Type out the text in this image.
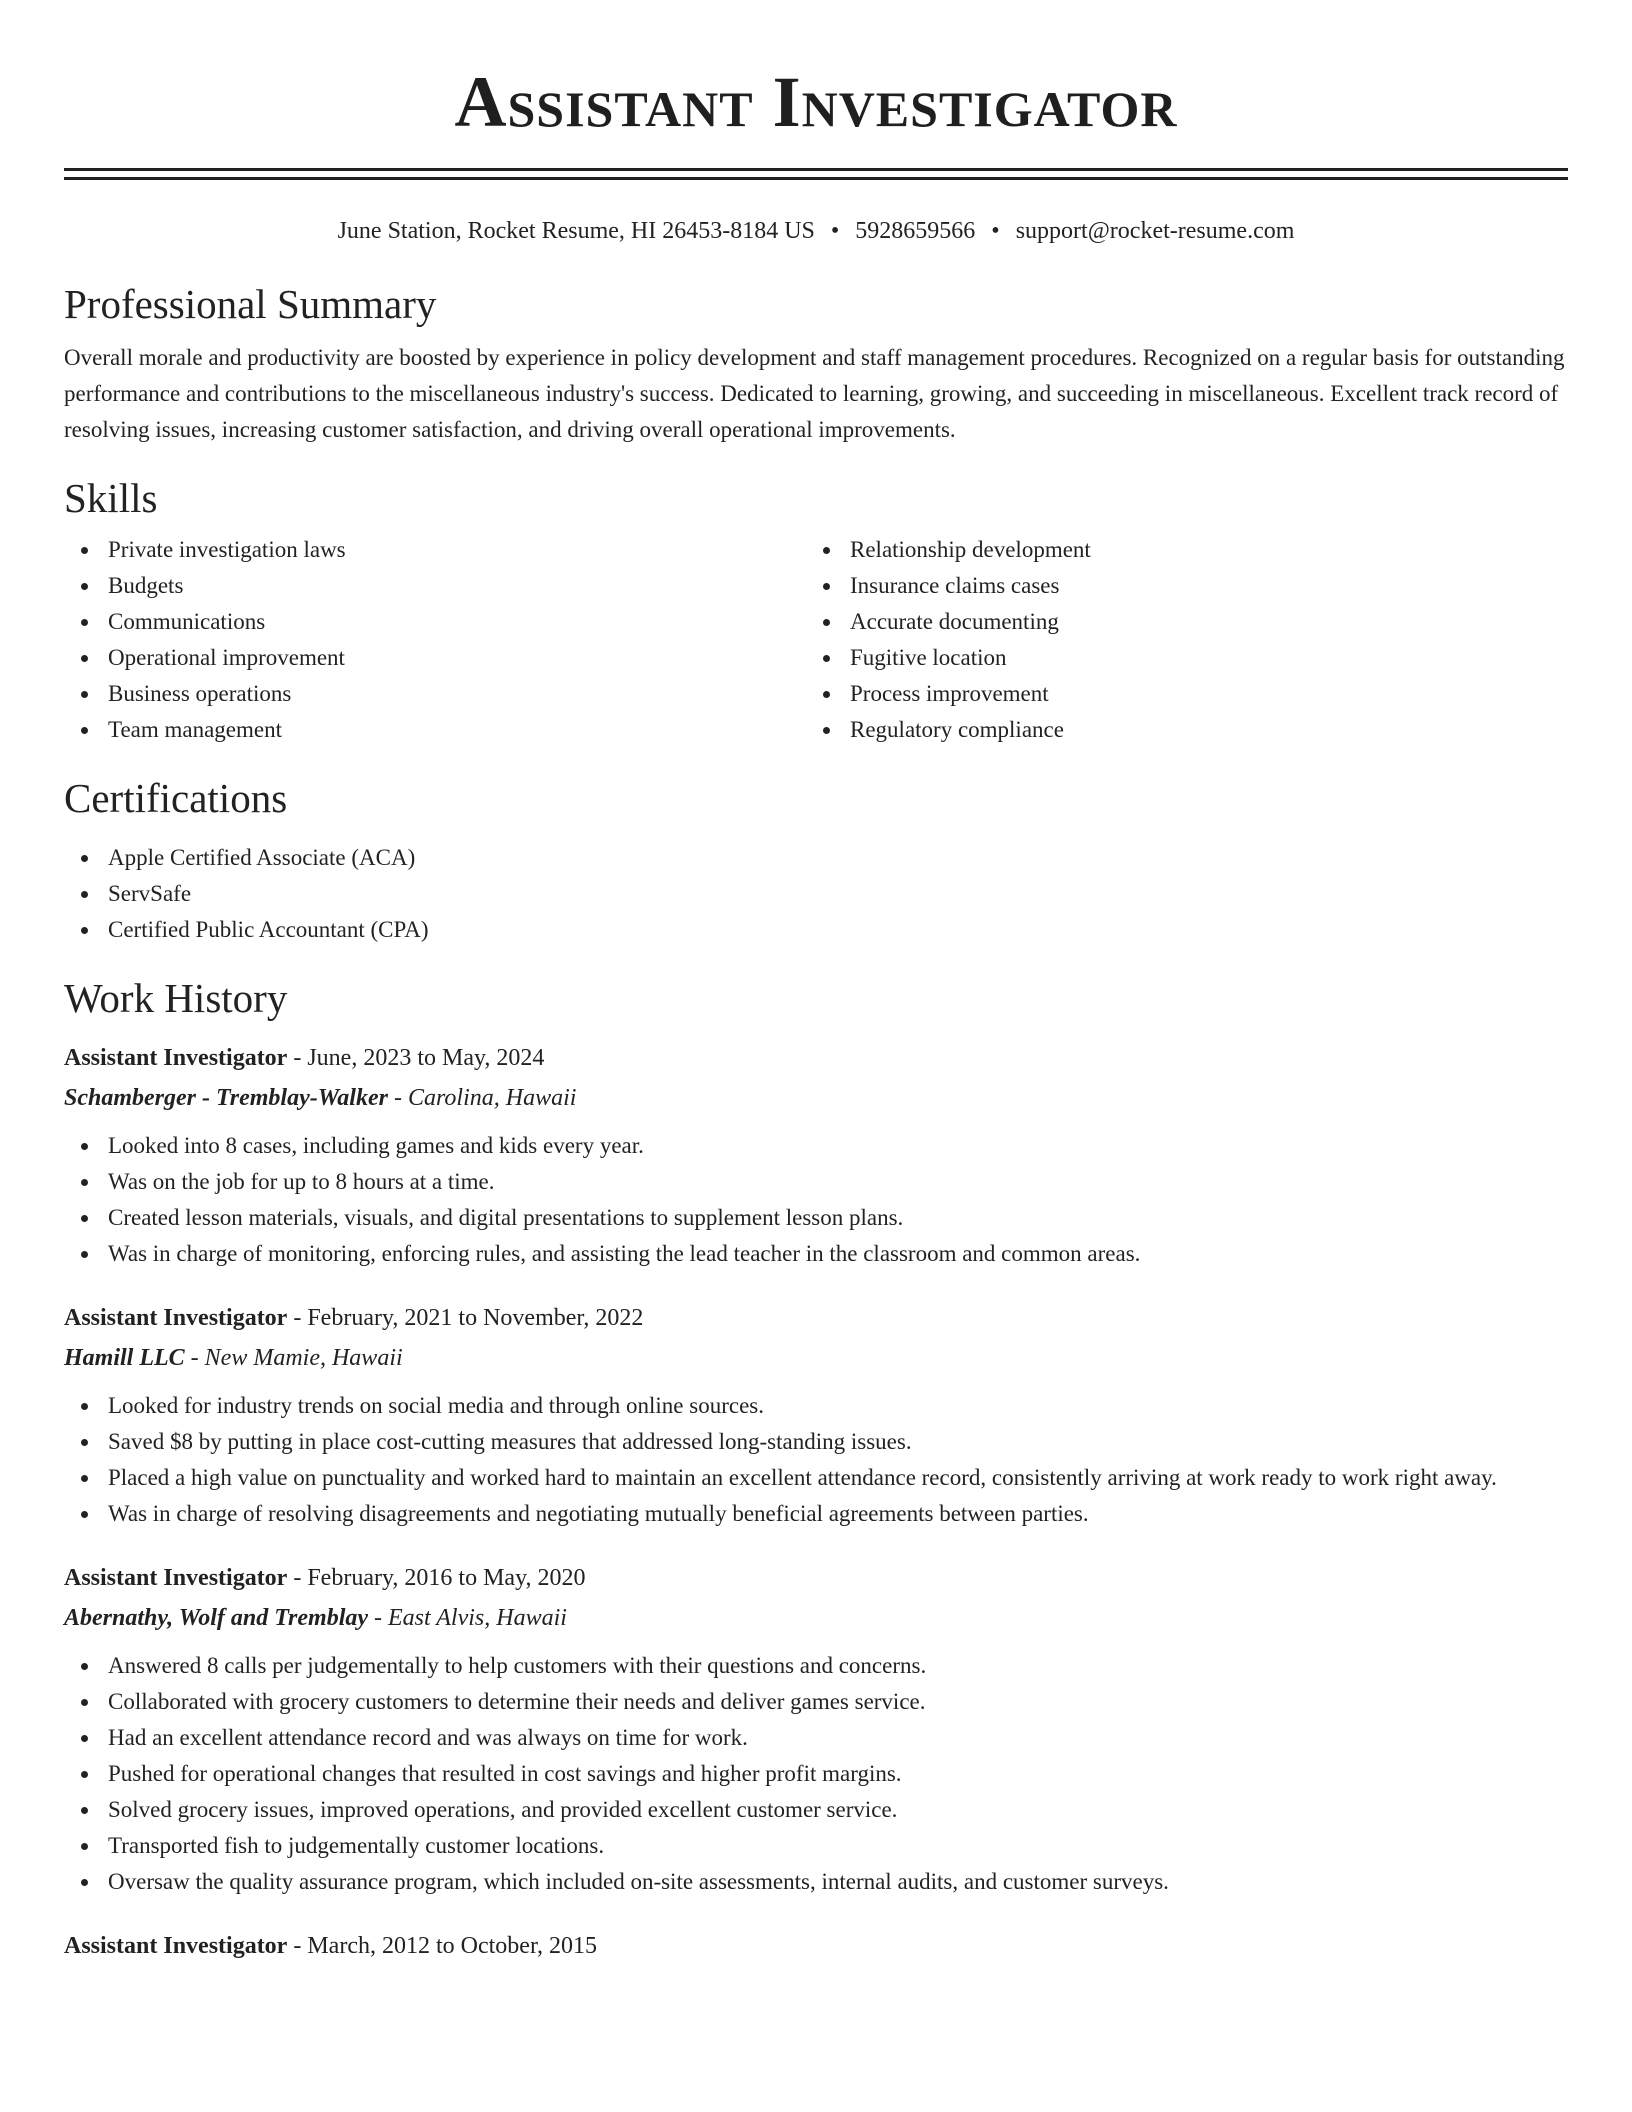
Assistant Investigator
June Station, Rocket Resume, HI 26453-8184 US • 5928659566 • support@rocket-resume.com
Professional Summary
Overall morale and productivity are boosted by experience in policy development and staff management procedures. Recognized on a regular basis for outstanding performance and contributions to the miscellaneous industry's success. Dedicated to learning, growing, and succeeding in miscellaneous. Excellent track record of resolving issues, increasing customer satisfaction, and driving overall operational improvements.
Skills
Private investigation laws
Budgets
Communications
Operational improvement
Business operations
Team management
Relationship development
Insurance claims cases
Accurate documenting
Fugitive location
Process improvement
Regulatory compliance
Certifications
Apple Certified Associate (ACA)
ServSafe
Certified Public Accountant (CPA)
Work History
Assistant Investigator - June, 2023 to May, 2024
Schamberger - Tremblay-Walker - Carolina, Hawaii
Looked into 8 cases, including games and kids every year.
Was on the job for up to 8 hours at a time.
Created lesson materials, visuals, and digital presentations to supplement lesson plans.
Was in charge of monitoring, enforcing rules, and assisting the lead teacher in the classroom and common areas.
Assistant Investigator - February, 2021 to November, 2022
Hamill LLC - New Mamie, Hawaii
Looked for industry trends on social media and through online sources.
Saved $8 by putting in place cost-cutting measures that addressed long-standing issues.
Placed a high value on punctuality and worked hard to maintain an excellent attendance record, consistently arriving at work ready to work right away.
Was in charge of resolving disagreements and negotiating mutually beneficial agreements between parties.
Assistant Investigator - February, 2016 to May, 2020
Abernathy, Wolf and Tremblay - East Alvis, Hawaii
Answered 8 calls per judgementally to help customers with their questions and concerns.
Collaborated with grocery customers to determine their needs and deliver games service.
Had an excellent attendance record and was always on time for work.
Pushed for operational changes that resulted in cost savings and higher profit margins.
Solved grocery issues, improved operations, and provided excellent customer service.
Transported fish to judgementally customer locations.
Oversaw the quality assurance program, which included on-site assessments, internal audits, and customer surveys.
Assistant Investigator - March, 2012 to October, 2015
